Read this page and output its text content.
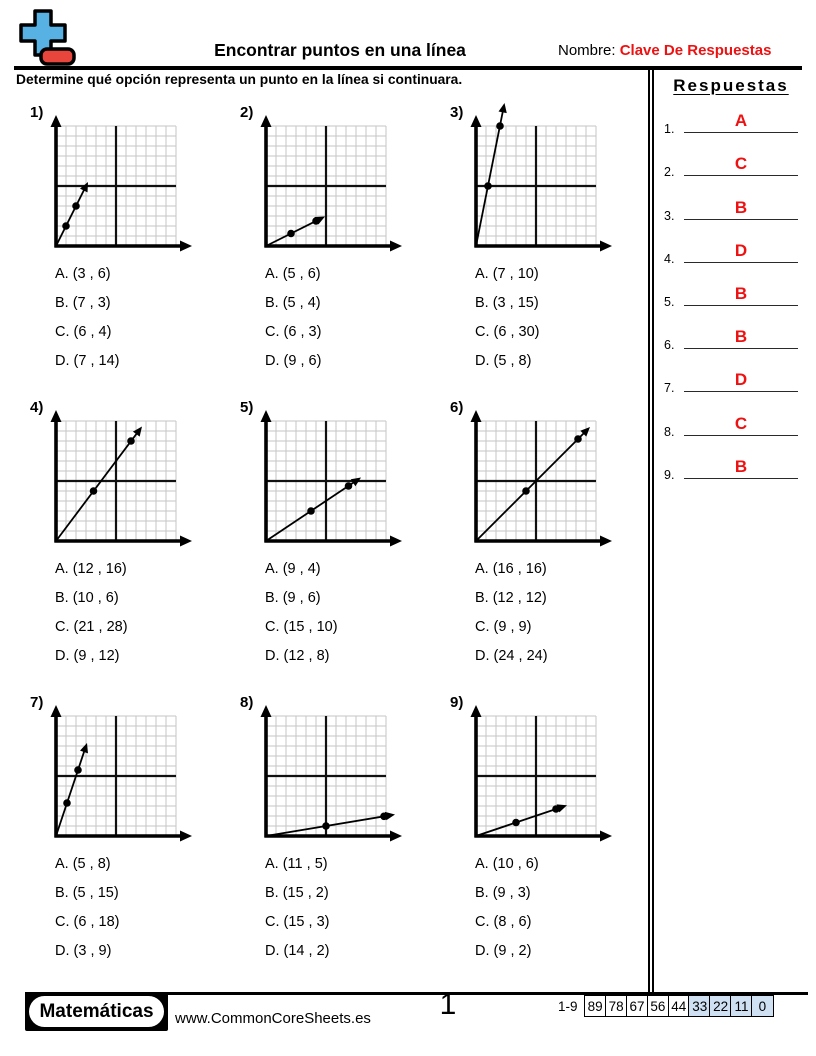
Encontrar puntos en una línea	Nombre: Clave De Respuestas
Determine qué opción representa un punto en la línea si continuara.
1)
A. (3 , 6)
B. (7 , 3)
C. (6 , 4)
D. (7 , 14)
2)
A. (5 , 6)
B. (5 , 4)
C. (6 , 3)
D. (9 , 6)
3)
A. (7 , 10)
B. (3 , 15)
C. (6 , 30)
D. (5 , 8)
4)
A. (12 , 16)
B. (10 , 6)
C. (21 , 28)
D. (9 , 12)
5)
A. (9 , 4)
B. (9 , 6)
C. (15 , 10)
D. (12 , 8)
6)
A. (16 , 16)
B. (12 , 12)
C. (9 , 9)
D. (24 , 24)
7)
A. (5 , 8)
B. (5 , 15)
C. (6 , 18)
D. (3 , 9)
8)
A. (11 , 5)
B. (15 , 2)
C. (15 , 3)
D. (14 , 2)
9)
A. (10 , 6)
B. (9 , 3)
C. (8 , 6)
D. (9 , 2)
Respuestas
1.	A
2.	C
3.	B
4.	D
5.	B
6.	B
7.	D
8.	C
9.	B
Matemáticas	www.CommonCoreSheets.es	1	1-9 89 78 67 56 44 33 22 11 0
